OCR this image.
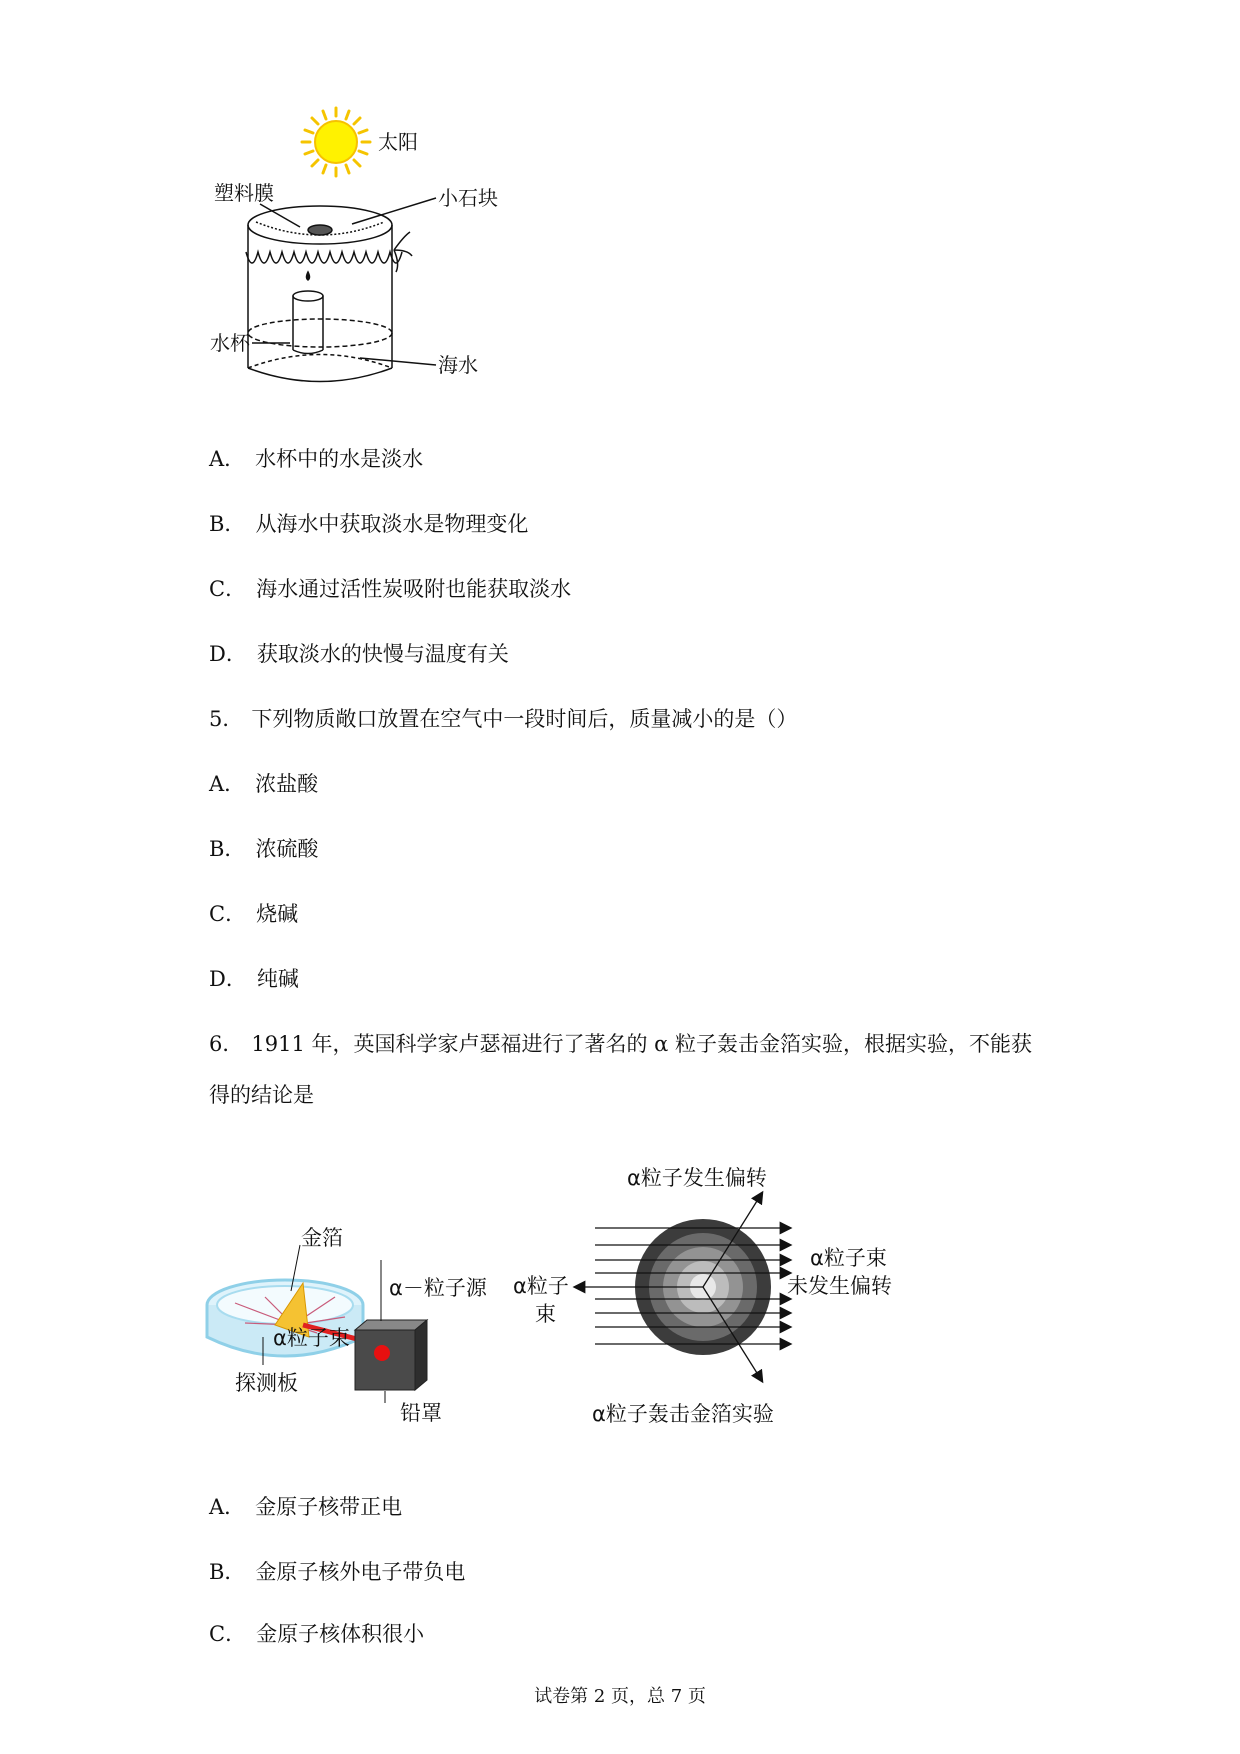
太阳
塑料膜	小石块
水杯
海水
A． 水杯中的水是淡水
B． 从海水中获取淡水是物理变化
C． 海水通过活性炭吸附也能获取淡水
D． 获取淡水的快慢与温度有关
5． 下列物质敞口放置在空气中一段时间后，质量减小的是（）
A． 浓盐酸
B． 浓硫酸
C． 烧碱
D． 纯碱
6． 1911 年，英国科学家卢瑟福进行了著名的 α 粒子轰击金箔实验，根据实验，不能获
得的结论是
金箔
α－粒子源
α粒子束
探测板
铅罩
α粒子发生偏转
α粒子
束
α粒子束
未发生偏转
α粒子轰击金箔实验
A． 金原子核带正电
B． 金原子核外电子带负电
C． 金原子核体积很小
试卷第 2 页，总 7 页
